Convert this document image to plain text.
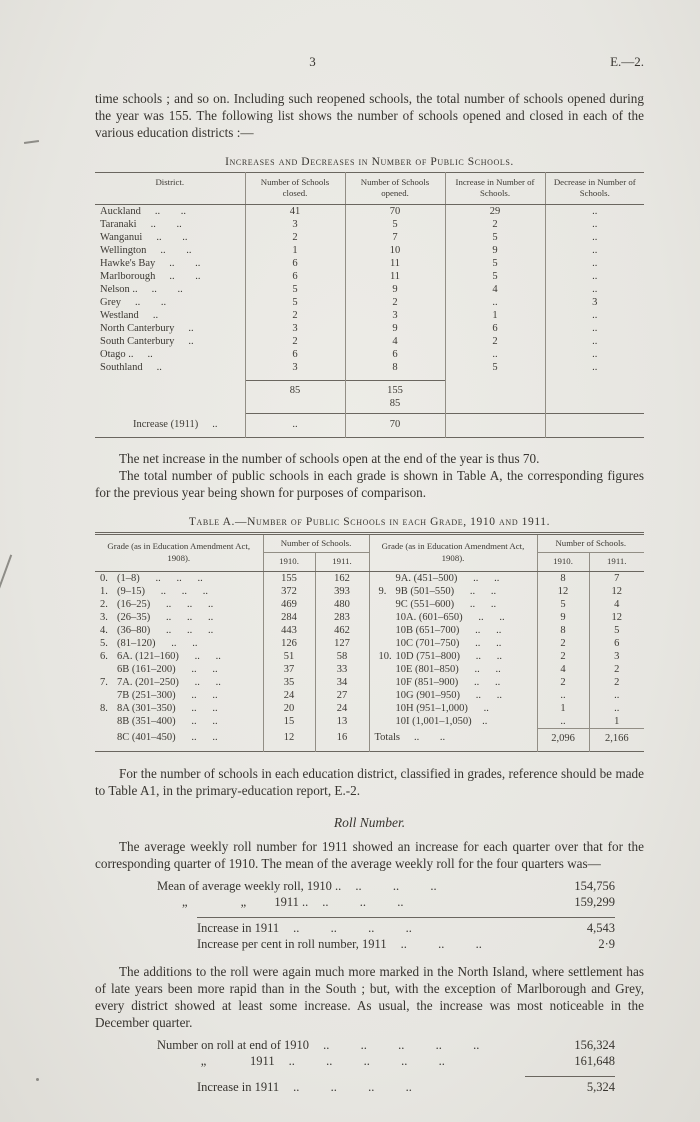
3	E.—2.

time schools ; and so on. Including such reopened schools, the total number of schools opened during the year was 155. The following list shows the number of schools opened and closed in each of the various education districts :—

Increases and Decreases in Number of Public Schools.
District.	Number of Schools closed.	Number of Schools opened.	Increase in Number of Schools.	Decrease in Number of Schools.
Auckland .. ..	41	70	29	..
Taranaki .. ..	3	5	2	..
Wanganui .. ..	2	7	5	..
Wellington .. ..	1	10	9	..
Hawke's Bay .. ..	6	11	5	..
Marlborough .. ..	6	11	5	..
Nelson .. .. ..	5	9	4	..
Grey .. ..	5	2	..	3
Westland ..	2	3	1	..
North Canterbury ..	3	9	6	..
South Canterbury ..	2	4	2	..
Otago .. ..	6	6	..	..
Southland ..	3	8	5	..
	85	155		
		85		
Increase (1911) ..	..	70		

The net increase in the number of schools open at the end of the year is thus 70.

The total number of public schools in each grade is shown in Table A, the corresponding figures for the previous year being shown for purposes of comparison.

Table A.—Number of Public Schools in each Grade, 1910 and 1911.
Grade (as in Education Amendment Act, 1908).	Number of Schools.		Grade (as in Education Amendment Act, 1908).	Number of Schools.	
	1910.	1911.		1910.	1911.
0. (1–8)      ..      ..      ..	155	162	9A. (451–500)      ..      ..	8	7
1. (9–15)      ..      ..      ..	372	393	9. 9B (501–550)      ..      ..	12	12
2. (16–25)      ..      ..      ..	469	480	9C (551–600)      ..      ..	5	4
3. (26–35)      ..      ..      ..	284	283	10A. (601–650)      ..      ..	9	12
4. (36–80)      ..      ..      ..	443	462	10B (651–700)      ..      ..	8	5
5. (81–120)      ..      ..	126	127	10C (701–750)      ..      ..	2	6
6. 6A. (121–160)      ..      ..	51	58	10. 10D (751–800)      ..      ..	2	3
6B (161–200)      ..      ..	37	33	10E (801–850)      ..      ..	4	2
7. 7A. (201–250)      ..      ..	35	34	10F (851–900)      ..      ..	2	2
7B (251–300)      ..      ..	24	27	10G (901–950)      ..      ..	..	..
8. 8A (301–350)      ..      ..	20	24	10H (951–1,000)      ..	1	..
8B (351–400)      ..      ..	15	13	10I (1,001–1,050)    ..	..	1
8C (401–450)      ..      ..	12	16	Totals .. ..	2,096	2,166

For the number of schools in each education district, classified in grades, reference should be made to Table A1, in the primary-education report, E.-2.

Roll Number.

The average weekly roll number for 1911 showed an increase for each quarter over that for the corresponding quarter of 1910. The mean of the average weekly roll for the four quarters was—

Mean of average weekly roll, 1910 .. ..          ..          ..	154,756
„                 „         1911 .. ..          ..          ..	159,299
Increase in 1911 ..          ..          ..          ..	4,543
Increase per cent in roll number, 1911 ..          ..          ..	2·9

The additions to the roll were again much more marked in the North Island, where settlement has of late years been more rapid than in the South ; but, with the exception of Marlborough and Grey, every district showed at least some increase. As usual, the increase was most noticeable in the December quarter.

Number on roll at end of 1910 ..          ..          ..          ..          ..	156,324
„              1911 ..          ..          ..          ..          ..	161,648
Increase in 1911 ..          ..          ..          ..	5,324
